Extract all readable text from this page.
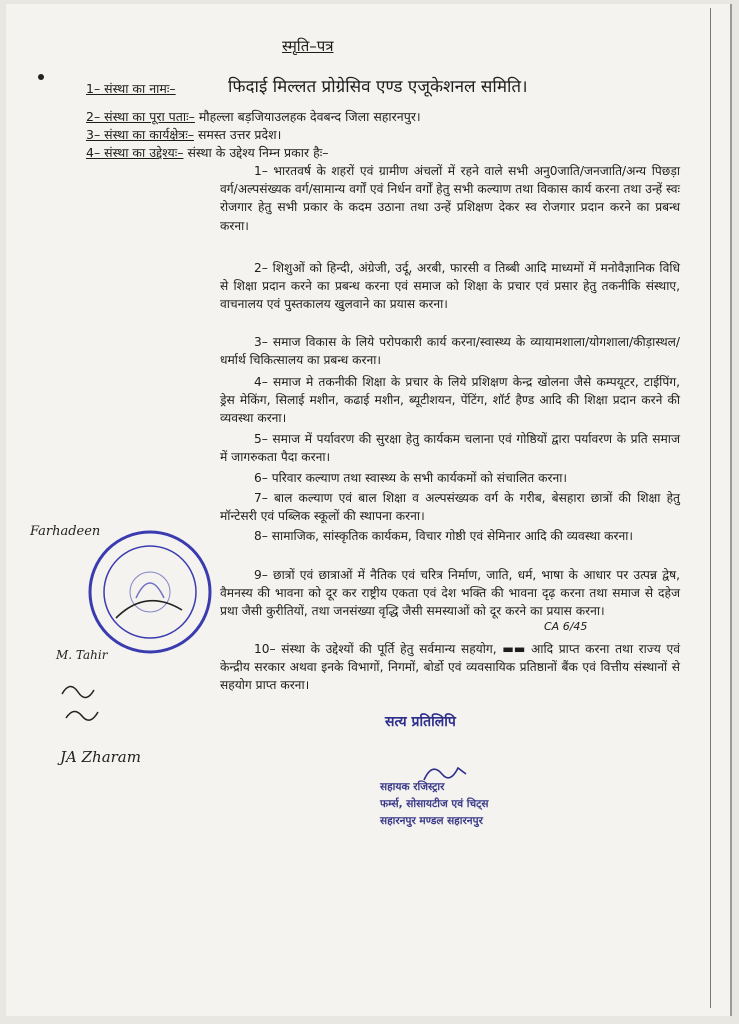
स्मृति–पत्र
1– संस्था का नामः–	फिदाई मिल्लत प्रोग्रेसिव एण्ड एजूकेशनल समिति।
2– संस्था का पूरा पताः– मौहल्ला बड़जियाउलहक देवबन्द जिला सहारनपुर।
3– संस्था का कार्यक्षेत्रः– समस्त उत्तर प्रदेश।
4– संस्था का उद्देश्यः– संस्था के उद्देश्य निम्न प्रकार हैः–
1– भारतवर्ष के शहरों एवं ग्रामीण अंचलों में रहने वाले सभी अनु0जाति/जनजाति/अन्य पिछड़ा वर्ग/अल्पसंख्यक वर्ग/सामान्य वर्गों एवं निर्धन वर्गों हेतु सभी कल्याण तथा विकास कार्य करना तथा उन्हें स्वः रोजगार हेतु सभी प्रकार के कदम उठाना तथा उन्हें प्रशिक्षण देकर स्व रोजगार प्रदान करने का प्रबन्ध करना।
2– शिशुओं को हिन्दी, अंग्रेजी, उर्दू, अरबी, फारसी व तिब्बी आदि माध्यमों में मनोवैज्ञानिक विधि से शिक्षा प्रदान करने का प्रबन्ध करना एवं समाज को शिक्षा के प्रचार एवं प्रसार हेतु तकनीकि संस्थाए, वाचनालय एवं पुस्तकालय खुलवाने का प्रयास करना।
3– समाज विकास के लिये परोपकारी कार्य करना/स्वास्थ्य के व्यायामशाला/योगशाला/कीड़ास्थल/धर्मार्थ चिकित्सालय का प्रबन्ध करना।
4– समाज मे तकनीकी शिक्षा के प्रचार के लिये प्रशिक्षण केन्द्र खोलना जैसे कम्पयूटर, टाईपिंग, ड्रेस मेकिंग, सिलाई मशीन, कढाई मशीन, ब्यूटीशयन, पेंटिंग, शॉर्ट हैण्ड आदि की शिक्षा प्रदान करने की व्यवस्था करना।
5– समाज में पर्यावरण की सुरक्षा हेतु कार्यकम चलाना एवं गोष्ठियों द्वारा पर्यावरण के प्रति समाज में जागरुकता पैदा करना।
6– परिवार कल्याण तथा स्वास्थ्य के सभी कार्यकमों को संचालित करना।
7– बाल कल्याण एवं बाल शिक्षा व अल्पसंख्यक वर्ग के गरीब, बेसहारा छात्रों की शिक्षा हेतु मॉन्टेसरी एवं पब्लिक स्कूलों की स्थापना करना।
8– सामाजिक, सांस्कृतिक कार्यकम, विचार गोष्ठी एवं सेमिनार आदि की व्यवस्था करना।
9– छात्रों एवं छात्राओं में नैतिक एवं चरित्र निर्माण, जाति, धर्म, भाषा के आधार पर उत्पन्न द्वेष, वैमनस्य की भावना को दूर कर राष्ट्रीय एकता एवं देश भक्ति की भावना दृढ़ करना तथा समाज से दहेज प्रथा जैसी कुरीतियों, तथा जनसंख्या वृद्धि जैसी समस्याओं को दूर करने का प्रयास करना।
10– संस्था के उद्देश्यों की पूर्ति हेतु सर्वमान्य सहयोग, ▬▬ आदि प्राप्त करना तथा राज्य एवं केन्द्रीय सरकार अथवा इनके विभागों, निगमों, बोर्डो एवं व्यवसायिक प्रतिष्ठानों बैंक एवं वित्तीय संस्थानों से सहयोग प्राप्त करना।
CA 6/45
Farhadeen
M. Tahir
JA Zharam
सत्य प्रतिलिपि
सहायक रजिस्ट्रार
फर्म्स, सोसायटीज एवं चिट्स
सहारनपुर मण्डल सहारनपुर
